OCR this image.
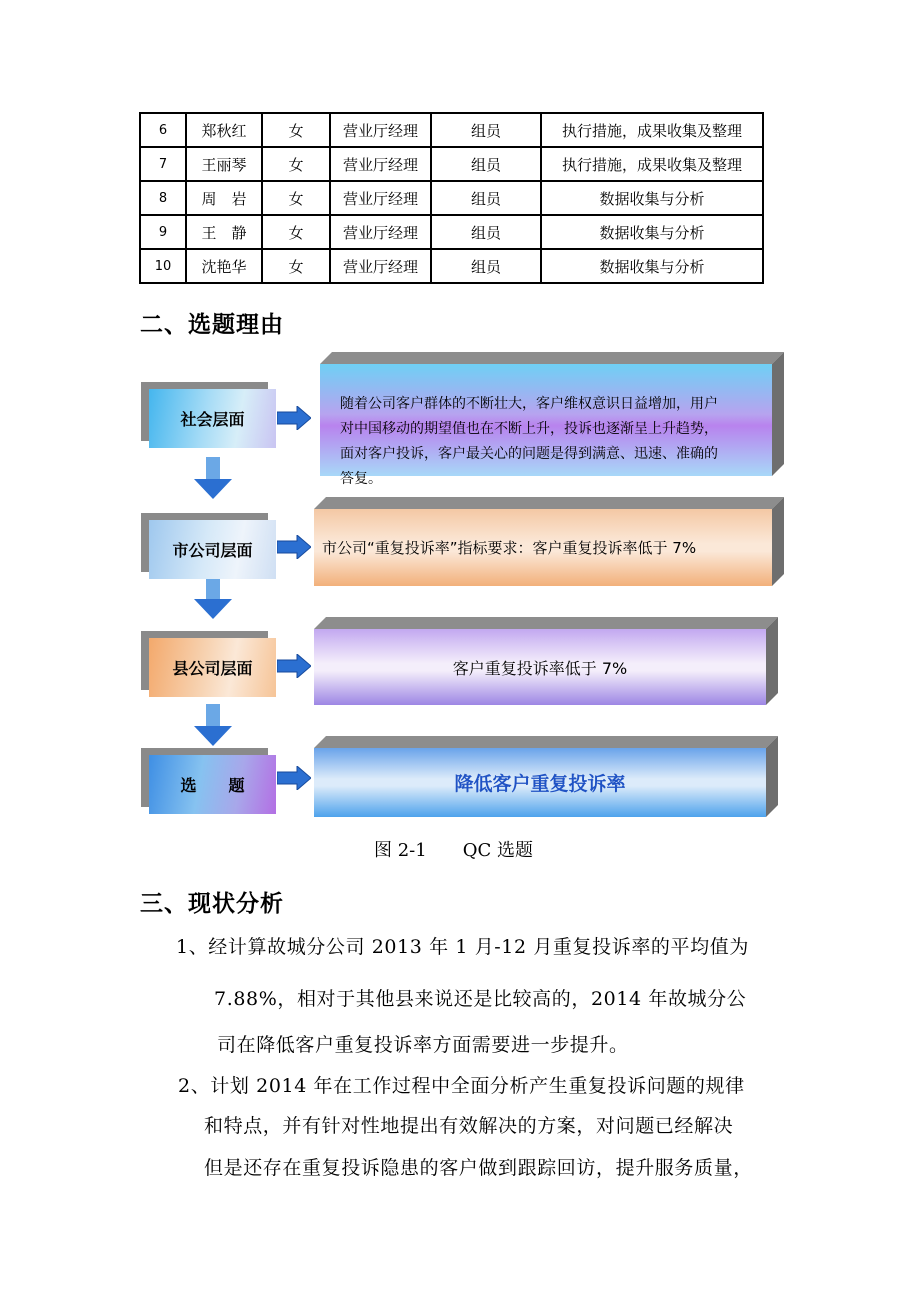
6	郑秋红	女	营业厅经理	组员	执行措施，成果收集及整理
7	王丽琴	女	营业厅经理	组员	执行措施，成果收集及整理
8	周　岩	女	营业厅经理	组员	数据收集与分析
9	王　静	女	营业厅经理	组员	数据收集与分析
10	沈艳华	女	营业厅经理	组员	数据收集与分析
二、选题理由
社会层面
随着公司客户群体的不断壮大，客户维权意识日益增加，用户
对中国移动的期望值也在不断上升，投诉也逐渐呈上升趋势，
面对客户投诉，客户最关心的问题是得到满意、迅速、准确的
答复。
市公司层面	市公司“重复投诉率”指标要求：客户重复投诉率低于 7%
县公司层面	客户重复投诉率低于 7%
选　　题	降低客户重复投诉率
图 2-1　　QC 选题
三、现状分析
1、经计算故城分公司 2013 年 1 月-12 月重复投诉率的平均值为
7.88%，相对于其他县来说还是比较高的，2014 年故城分公
司在降低客户重复投诉率方面需要进一步提升。
2、计划 2014 年在工作过程中全面分析产生重复投诉问题的规律
和特点，并有针对性地提出有效解决的方案，对问题已经解决
但是还存在重复投诉隐患的客户做到跟踪回访，提升服务质量，
